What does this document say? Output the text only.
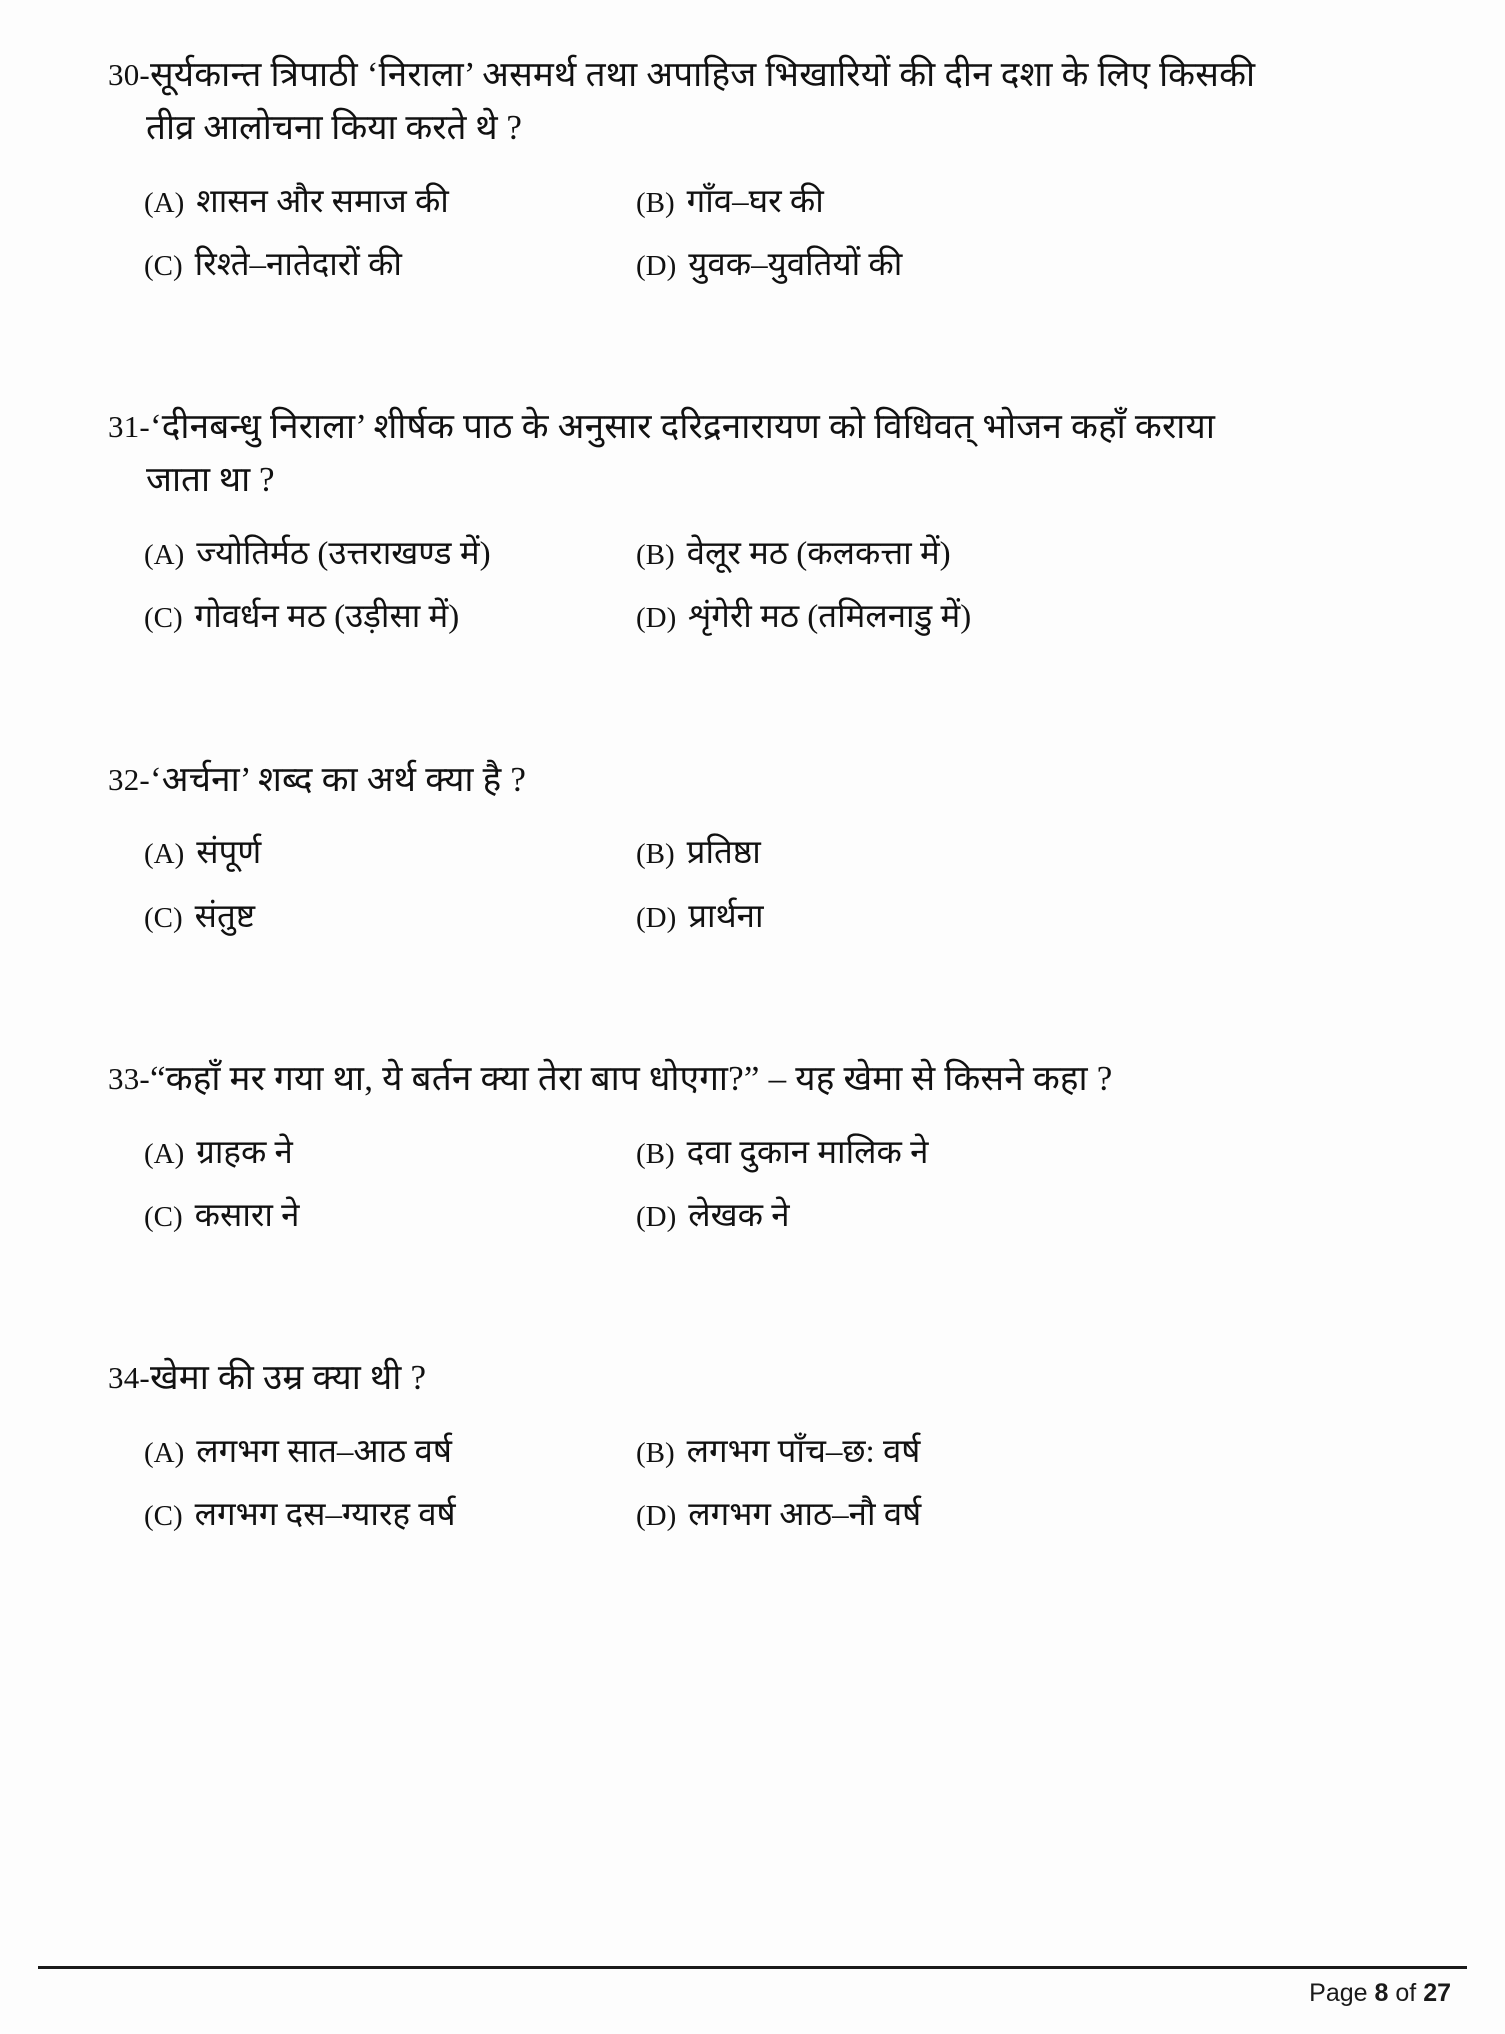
30- सूर्यकान्त त्रिपाठी ‘निराला’ असमर्थ तथा अपाहिज भिखारियों की दीन दशा के लिए किसकी
तीव्र आलोचना किया करते थे ?
(A) शासन और समाज की	(B) गाँव–घर की
(C) रिश्ते–नातेदारों की	(D) युवक–युवतियों की
31- ‘दीनबन्धु निराला’ शीर्षक पाठ के अनुसार दरिद्रनारायण को विधिवत् भोजन कहाँ कराया
जाता था ?
(A) ज्योतिर्मठ (उत्तराखण्ड में)	(B) वेलूर मठ (कलकत्ता में)
(C) गोवर्धन मठ (उड़ीसा में)	(D) शृंगेरी मठ (तमिलनाडु में)
32- ‘अर्चना’ शब्द का अर्थ क्या है ?
(A) संपूर्ण	(B) प्रतिष्ठा
(C) संतुष्ट	(D) प्रार्थना
33- “कहाँ मर गया था, ये बर्तन क्या तेरा बाप धोएगा?” – यह खेमा से किसने कहा ?
(A) ग्राहक ने	(B) दवा दुकान मालिक ने
(C) कसारा ने	(D) लेखक ने
34- खेमा की उम्र क्या थी ?
(A) लगभग सात–आठ वर्ष	(B) लगभग पाँच–छ: वर्ष
(C) लगभग दस–ग्यारह वर्ष	(D) लगभग आठ–नौ वर्ष
Page 8 of 27
